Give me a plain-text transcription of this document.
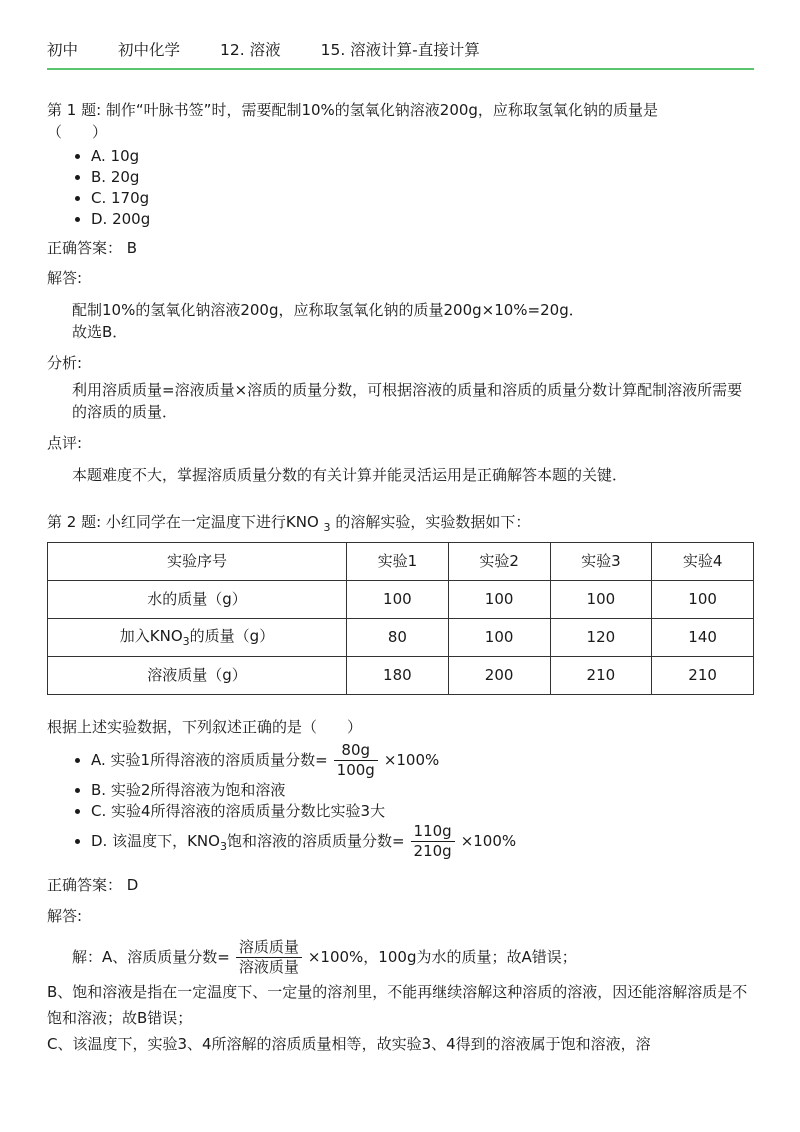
初中	初中化学	12. 溶液	15. 溶液计算-直接计算

第 1 题: 制作“叶脉书签”时，需要配制10%的氢氧化钠溶液200g，应称取氢氧化钠的质量是
（　　）

• A. 10g
• B. 20g
• C. 170g
• D. 200g
正确答案： B
解答:
配制10%的氢氧化钠溶液200g，应称取氢氧化钠的质量200g×10%=20g．
故选B．
分析:
利用溶质质量=溶液质量×溶质的质量分数，可根据溶液的质量和溶质的质量分数计算配制溶液所需要的溶质的质量．
点评:
本题难度不大，掌握溶质质量分数的有关计算并能灵活运用是正确解答本题的关键．
第 2 题: 小红同学在一定温度下进行KNO $_3$ 的溶解实验，实验数据如下：
实验序号	实验1	实验2	实验3	实验4
水的质量（g）	100	100	100	100
加入$KNO_3$的质量（g）	80	100	120	140
溶液质量（g）	180	200	210	210
根据上述实验数据，下列叙述正确的是（　　）
• A. 实验1所得溶液的溶质质量分数= $\frac{80g}{100g} \times 100\%$
• B. 实验2所得溶液为饱和溶液
• C. 实验4所得溶液的溶质质量分数比实验3大
• D. 该温度下，$KNO_3$饱和溶液的溶质质量分数= $\frac{110g}{210g} \times 100\%$
正确答案： D
解答:
解：A、溶质质量分数= $\frac{\text{溶质质量}}{\text{溶液质量}} \times 100\%$，100g为水的质量；故A错误；
B、饱和溶液是指在一定温度下、一定量的溶剂里，不能再继续溶解这种溶质的溶液，因还能溶解溶质是不饱和溶液；故B错误；
C、该温度下，实验3、4所溶解的溶质质量相等，故实验3、4得到的溶液属于饱和溶液，溶
